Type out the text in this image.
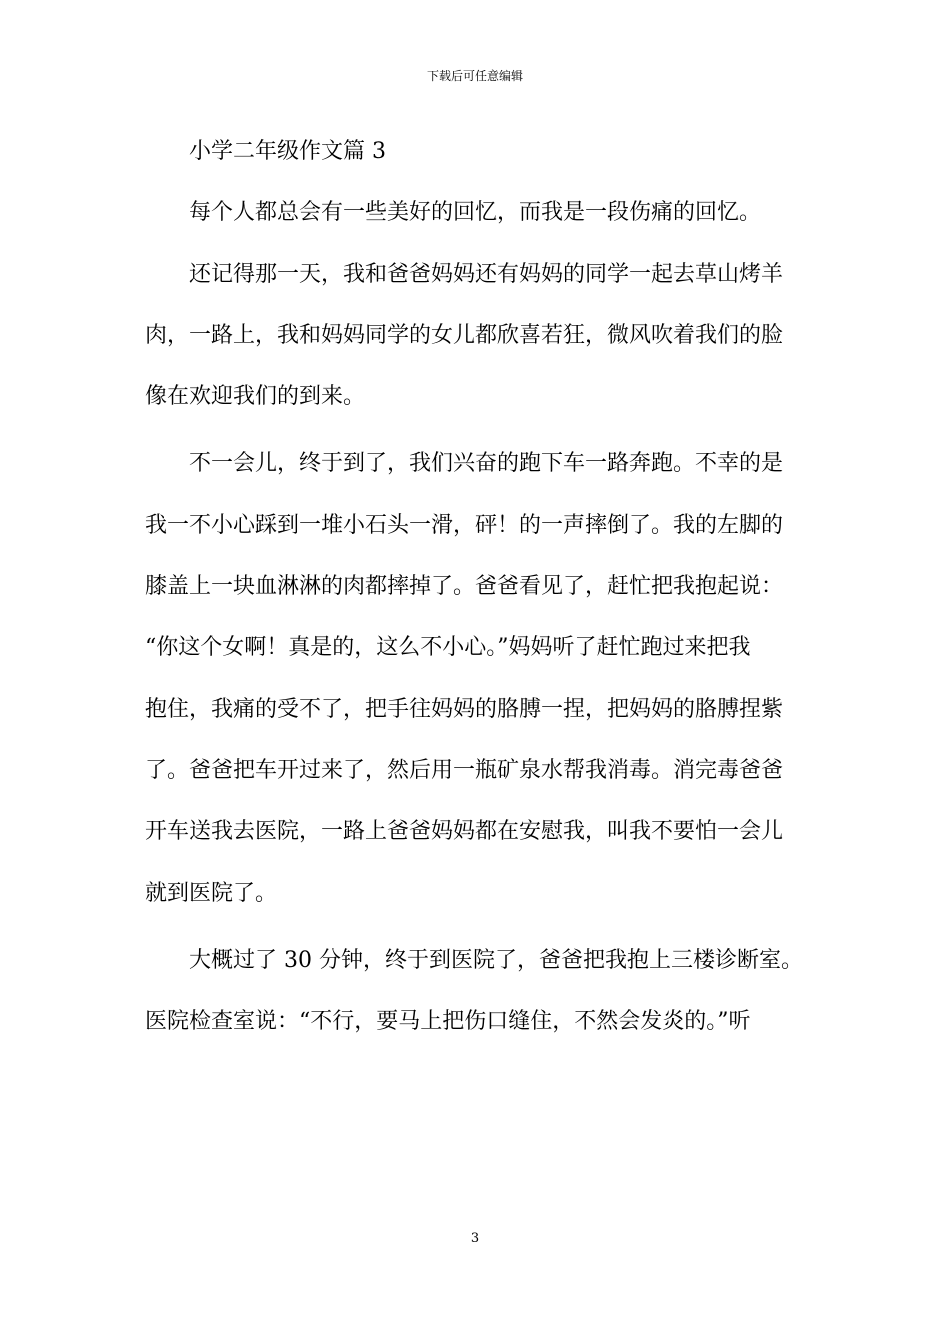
下载后可任意编辑
小学二年级作文篇 3
每个人都总会有一些美好的回忆，而我是一段伤痛的回忆。
还记得那一天，我和爸爸妈妈还有妈妈的同学一起去草山烤羊
肉，一路上，我和妈妈同学的女儿都欣喜若狂，微风吹着我们的脸
像在欢迎我们的到来。
不一会儿，终于到了，我们兴奋的跑下车一路奔跑。不幸的是
我一不小心踩到一堆小石头一滑，砰！的一声摔倒了。我的左脚的
膝盖上一块血淋淋的肉都摔掉了。爸爸看见了，赶忙把我抱起说：
“你这个女啊！真是的，这么不小心。”妈妈听了赶忙跑过来把我
抱住，我痛的受不了，把手往妈妈的胳膊一捏，把妈妈的胳膊捏紫
了。爸爸把车开过来了，然后用一瓶矿泉水帮我消毒。消完毒爸爸
开车送我去医院，一路上爸爸妈妈都在安慰我，叫我不要怕一会儿
就到医院了。
大概过了 30 分钟，终于到医院了，爸爸把我抱上三楼诊断室。
医院检查室说：“不行，要马上把伤口缝住，不然会发炎的。”听
3
